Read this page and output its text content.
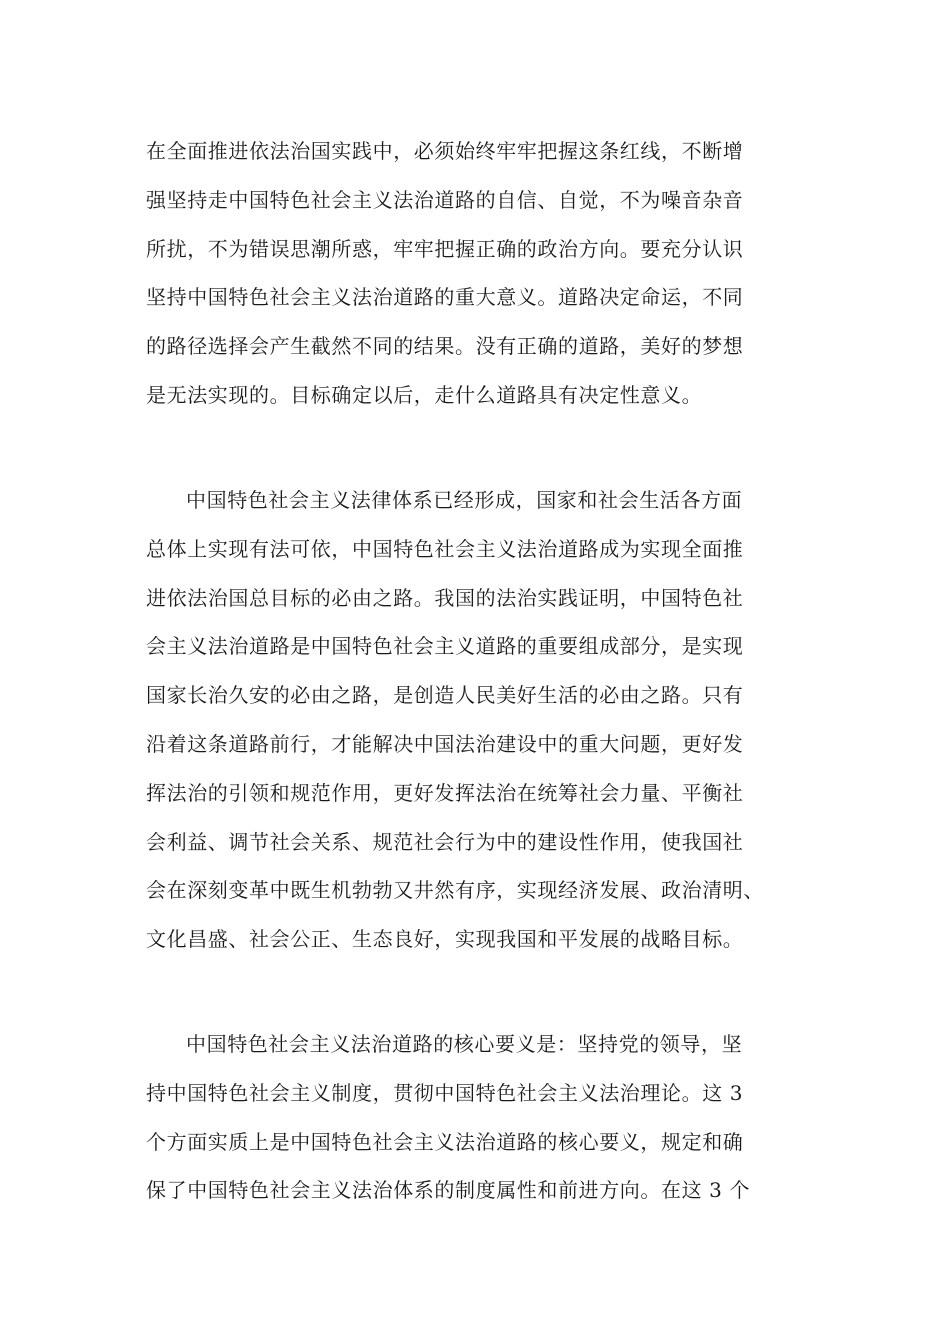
在全面推进依法治国实践中，必须始终牢牢把握这条红线，不断增
强坚持走中国特色社会主义法治道路的自信、自觉，不为噪音杂音
所扰，不为错误思潮所惑，牢牢把握正确的政治方向。要充分认识
坚持中国特色社会主义法治道路的重大意义。道路决定命运，不同
的路径选择会产生截然不同的结果。没有正确的道路，美好的梦想
是无法实现的。目标确定以后，走什么道路具有决定性意义。
中国特色社会主义法律体系已经形成，国家和社会生活各方面
总体上实现有法可依，中国特色社会主义法治道路成为实现全面推
进依法治国总目标的必由之路。我国的法治实践证明，中国特色社
会主义法治道路是中国特色社会主义道路的重要组成部分，是实现
国家长治久安的必由之路，是创造人民美好生活的必由之路。只有
沿着这条道路前行，才能解决中国法治建设中的重大问题，更好发
挥法治的引领和规范作用，更好发挥法治在统筹社会力量、平衡社
会利益、调节社会关系、规范社会行为中的建设性作用，使我国社
会在深刻变革中既生机勃勃又井然有序，实现经济发展、政治清明、
文化昌盛、社会公正、生态良好，实现我国和平发展的战略目标。
中国特色社会主义法治道路的核心要义是：坚持党的领导，坚
持中国特色社会主义制度，贯彻中国特色社会主义法治理论。这 3
个方面实质上是中国特色社会主义法治道路的核心要义，规定和确
保了中国特色社会主义法治体系的制度属性和前进方向。在这 3 个
